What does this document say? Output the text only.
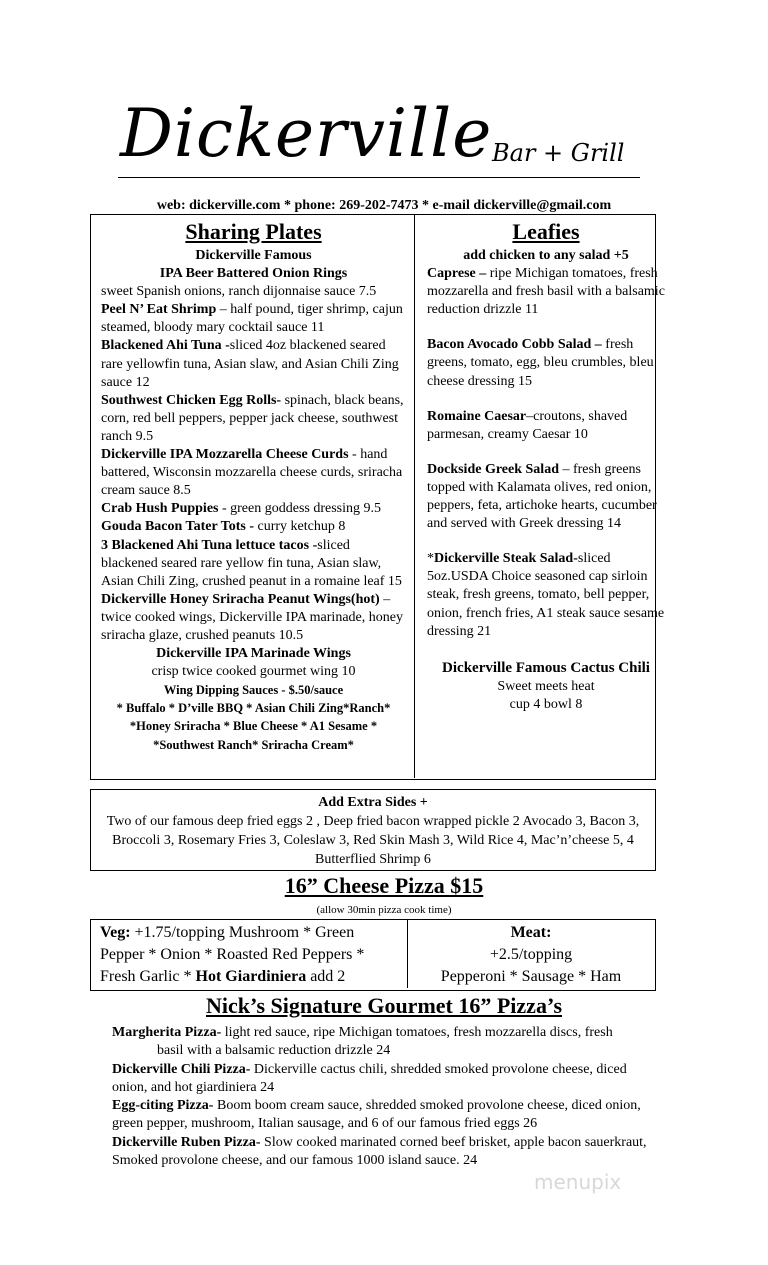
Dickerville Bar + Grill
web: dickerville.com * phone: 269-202-7473 * e-mail dickerville@gmail.com
Sharing Plates

Dickerville Famous

IPA Beer Battered Onion Rings

sweet Spanish onions, ranch dijonnaise sauce 7.5

Peel N’ Eat Shrimp – half pound, tiger shrimp, cajun steamed, bloody mary cocktail sauce 11

Blackened Ahi Tuna -sliced 4oz blackened seared rare yellowfin tuna, Asian slaw, and Asian Chili Zing sauce 12

Southwest Chicken Egg Rolls- spinach, black beans, corn, red bell peppers, pepper jack cheese, southwest ranch 9.5

Dickerville IPA Mozzarella Cheese Curds - hand battered, Wisconsin mozzarella cheese curds, sriracha cream sauce 8.5

Crab Hush Puppies - green goddess dressing 9.5

Gouda Bacon Tater Tots - curry ketchup 8

3 Blackened Ahi Tuna lettuce tacos -sliced blackened seared rare yellow fin tuna, Asian slaw, Asian Chili Zing, crushed peanut in a romaine leaf 15

Dickerville Honey Sriracha Peanut Wings(hot) – twice cooked wings, Dickerville IPA marinade, honey sriracha glaze, crushed peanuts 10.5

Dickerville IPA Marinade Wings

crisp twice cooked gourmet wing 10

Wing Dipping Sauces - $.50/sauce

* Buffalo * D’ville BBQ * Asian Chili Zing*Ranch*

*Honey Sriracha * Blue Cheese * A1 Sesame * *Southwest Ranch* Sriracha Cream*

Leafies

add chicken to any salad +5

Caprese – ripe Michigan tomatoes, fresh mozzarella and fresh basil with a balsamic reduction drizzle 11

Bacon Avocado Cobb Salad – fresh greens, tomato, egg, bleu crumbles, bleu cheese dressing 15

Romaine Caesar–croutons, shaved parmesan, creamy Caesar 10

Dockside Greek Salad – fresh greens topped with Kalamata olives, red onion, peppers, feta, artichoke hearts, cucumber and served with Greek dressing 14

*Dickerville Steak Salad-sliced 5oz.USDA Choice seasoned cap sirloin steak, fresh greens, tomato, bell pepper, onion, french fries, A1 steak sauce sesame dressing 21

Dickerville Famous Cactus Chili

Sweet meets heat

cup 4 bowl 8

Add Extra Sides +

Two of our famous deep fried eggs 2 , Deep fried bacon wrapped pickle 2 Avocado 3, Bacon 3, Broccoli 3, Rosemary Fries 3, Coleslaw 3, Red Skin Mash 3, Wild Rice 4, Mac’n’cheese 5, 4 Butterflied Shrimp 6

16” Cheese Pizza $15
(allow 30min pizza cook time)
Veg: +1.75/topping Mushroom * Green Pepper * Onion * Roasted Red Peppers * Fresh Garlic * Hot Giardiniera add 2

Meat:

+2.5/topping

Pepperoni * Sausage * Ham

Nick’s Signature Gourmet 16” Pizza’s

Margherita Pizza- light red sauce, ripe Michigan tomatoes, fresh mozzarella discs, fresh

basil with a balsamic reduction drizzle 24

Dickerville Chili Pizza- Dickerville cactus chili, shredded smoked provolone cheese, diced onion, and hot giardiniera 24

Egg-citing Pizza- Boom boom cream sauce, shredded smoked provolone cheese, diced onion, green pepper, mushroom, Italian sausage, and 6 of our famous fried eggs 26

Dickerville Ruben Pizza- Slow cooked marinated corned beef brisket, apple bacon sauerkraut, Smoked provolone cheese, and our famous 1000 island sauce. 24

menupix
